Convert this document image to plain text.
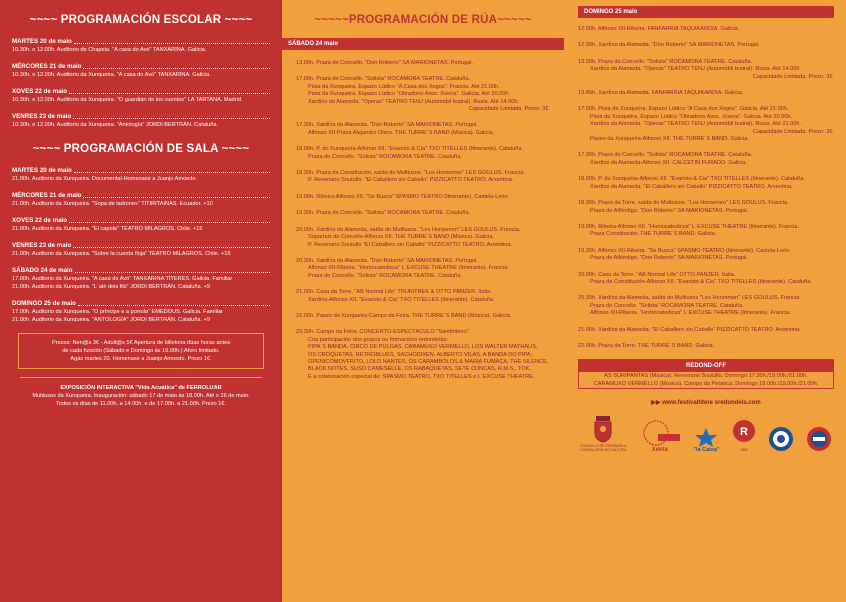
~~~~ PROGRAMACIÓN ESCOLAR ~~~~
MARTES 20 de maio
10.30h. e 12.00h. Auditorio de Chapela. "A casa do Avó" TANXARINA. Galicia.
MÉRCORES 21 de maio
10.30h. e 12.00h. Auditorio da Xunqueira. "A casa do Avó" TANXARINA. Galicia.
XOVES 22 de maio
10.30h. e 12.00h. Auditorio da Xunqueira. "O guardián de los cuentos" LA TARTANA. Madrid.
VENRES 23 de maio
10.30h. e 12.00h. Auditorio da Xunqueira. "Antología" JORDI BERTRÁN. Cataluña.
~~~~ PROGRAMACIÓN DE SALA ~~~~
MARTES 20 de maio
21.00h. Auditorio da Xunqueira. Documental-Homenaxe a Juanjo Amoedo.
MÉRCORES 21 de maio
21.00h. Auditorio da Xunqueira. "Sopa de ladrones" TITIRITAINAS. Ecuador. +10
XOVES 22 de maio
21.00h. Auditorio da Xunqueira. "El capote" TEATRO MILAGROS. Chile. +15
VENRES 23 de maio
21.00h. Auditorio da Xunqueira. "Sobre la cuerda floja" TEATRO MILAGROS. Chile. +15
SÁBADO 24 de maio
17.00h. Auditorio da Xunqueira. "A casa do Avó" TANXARINA TÍTERES. Galicia. Familiar
21.00h. Auditorio da Xunqueira. "L´alé dels fils" JORDI BERTRÁN. Cataluña. +9
DOMINGO 25 de maio
17.00h. Auditorio da Xunqueira. "O príncipe e a porrula" EMEDOUS. Galicia. Familiar
21.00h. Auditorio da Xunqueira. "ANTOLOGÍA" JORDI BERTRÁN. Cataluña. +9
Prezos: Nen@s 3€ - Adult@s 5€ Apertura de billeteira dúas horas antes
de cada función (Sábado e Domingo ás 16.00h.) Aforo limitado.
Agás martes 20. Homenaxe a Juanjo Amoedo. Prezo 1€.
EXPOSICIÓN INTERACTIVA "Vida Acuática" de FERROLUAR
Multiusos da Xunqueira. Inauguración: sábado 17 de maio ás 18.00h. Até o 26 de maio.
Todos os días de 11.00h. a 14.00h. e de 17.00h. a 21.00h. Prezo 1€.
~~~~~PROGRAMACIÓN DE RÚA~~~~~
SÁBADO 24 maio
13.00h. Praza do Concello. "Don Roberto" SA MARIONETAS. Portugal.
17.00h. Praza do Concello. "Solista" ROCAMORA TEATRE. Cataluña.
Pista da Xunqueira. Espazo Lúdico "A Casa dos Xogos". Francia. Até 21.00h.
Pista da Xunqueira. Espazo Lúdico "Obradoiro Asoc. Xoeira". Galicia. Até 20.00h.
Xardíns da Alameda. "Óperas" TEATRO TENJ (Automóbil teatral). Rusia. Até 14.00h.
Capacidade Limitada. Prezo: 3€.
17.30h. Xardíns da Alameda. "Don Roberto" SA MARIONETAS. Portugal.
Alfonso XII-Praza Alejandro Otero. THE TURRE´S BAND (Música). Galicia.
18.00h. P. do Xunqueira-Alfonso XII. "Evaristo & Cia" TXO TITELLES (Itinerante). Cataluña.
Praza do Concello. "Solista" ROCAMORA TEATRE. Cataluña.
18.30h. Praza da Constitución, saída do Multiusos. "Los Horsemen" LES GOULUS. Francia.
P. Reveriano Soutullo. "El Caballero sin Caballo" PIZZICATTO TEATRO. Arxentina.
19.00h. Ribeira-Alfonso XII. "Se Busca" SPASMO TEATRO (Itinerante). Castela-León.
19.30h. Praza do Concello. "Solista" ROCAMORA TEATRE. Cataluña.
20.00h. Xardíns da Alameda, saída do Multiusos. "Les Horsemen" LES GOULUS. Francia.
Soportais do Concello-Alfonso XII. THE TURRE´S BAND (Música). Galicia.
P. Reveriano Soutullo "El Caballero sin Caballo" PIZZICATTO TEATRO. Arxentina.
20.30h. Xardíns da Alameda. "Don Roberto" SA MARIONETAS. Portugal.
Alfonso XII-Ribeira. "Homocatedicus" L´EXCUSE THEATRE (Itinerante). Francia.
Praza do Concello. "Solista" ROCAMORA TEATRE. Cataluña.
21.00h. Casa da Torre. "AB Normal Life" TRUKITREK & OTTO PANZER. Italia.
Xardíns-Alfonso XII. "Evaristo & Cia" TXO TITELLES (Itinerante). Cataluña.
22.00h. Paseo da Xunqueira-Campo da Feira. THE TURRE´S BAND (Música). Galicia.
23.30h. Campo da Feira. CONCERTO-ESPECTÁCULO "Santitriteiro".
Coa participación dos grupos ou formacións redondelás:
PIPA´S BANDA, CIRCO DE PULGAS, CARAMUXO VERMELLO, LOS WALTER MATHAUS,
OS CROQUETAS, RETROBLUES, SACHODIXEN, ALBERTO VILAS, A BANDA DO PIPA,
OPENICOMOVFRITO, LOLO NANTES, OS CARAMBOLOS & MARÍA FUMAÇA, THE SILENCE,
BLACK NOTES, SUSO CAMESELLE, OS RABAQUETAS, SETE CUNCAS, R.M.S., TOK.
E a colaboración especial de: SPASMO TEATRO, TXO TITELLES e L´EXCUSE THEATRE.
DOMINGO 25 maio
12.00h. Alfonso XII-Ribeira. FANFARRIA TAQUIKARDIA. Galicia.
12.30h. Xardíns da Alameda. "Don Roberto" SA MARIONETAS. Portugal.
13.00h. Praza do Concello. "Solista" ROCAMORA TEATRE. Cataluña.
Xardíns da Alameda. "Óperas" TEATRO TENJ (Automóbil teatral). Rusia. Até 14.00h.
Capacidade Limitada. Prezo: 3€.
13.45h. Xardíns da Alameda. FANFARRIA TAQUIKARDIA. Galicia.
17.00h. Pista da Xunqueira. Espazo Lúdico "A Casa dos Xogos". Galicia. Até 21.00h.
Pista da Xunqueira. Espazo Lúdico "Obradoiro Asoc. Xoeira". Galicia. Até 20.00h.
Xardíns da Alameda. "Óperas" TEATRO TENJ (Automóbil teatral). Rusia. Até 21.00h.
Capacidade Limitada. Prezo: 3€.
Paseo da Xunqueira-Alfonso XII. THE TURRE´S BAND. Galicia.
17.30h. Praza do Concello. "Solista" ROCAMORA TEATRE. Cataluña.
Xardíns da Alameda-Alfonso XII. CALCETÍN FURADO. Galicia.
18.00h. P. do Xunqueira-Alfonso XII. "Evaristo & Cia" TXO TITELLES (Itinerante). Cataluña.
Xardíns da Alameda. "El Caballero sin Caballo" PIZZICATTO TEATRO. Arxentina.
18.30h. Praza da Torre, saída do Multiusos. "Los Horsemen" LES GOULUS. Francia.
Praza do Alfóndigo. "Don Roberto" SA MARIONETAS. Portugal.
19.00h. Ribeira-Alfonso XII. "Homocatedicus" L´EXCUSE THEATRE (Itinerante). Francia.
Praza Constitución. THE TURRE´S BAND. Galicia.
19.30h. Alfonso XII-Ribeira. "Se Busca" SPASMO TEATRO (Itinerante). Castela-León.
Praza do Alfóndigo. "Don Roberto" SA MARIONETAS. Portugal.
20.00h. Casa da Torre. "AB Normal Life" OTTO PANZER. Italia.
Praza da Constitución-Alfonso XII. "Evaristo & Cia" TXO TITELLES (Itinerante). Cataluña.
20.30h. Xardíns da Alameda, saída do Multiusos "Les Horsemen" LES GOULUS. Francia.
Praza do Concello. "Solista" ROCAMORA TEATRE. Cataluña.
Alfonso XII-Ribeira. "Homocatedicus" L´EXCUSE THEATRE (Itinerante). Francia.
21.00h. Xardíns da Alameda. "El Caballero sin Caballo" PIZZICATTO TEATRO. Arxentina.
22.00h. Praza da Torre. THE TURRE´S BAND. Galicia.
REDOND-OFF
AS SURIPANTAS (Música). Reveriano Soutullo. Domingo 17.30h./19.00h./21.00h.
CARAMUXO VERMELLO (Música). Campo da Petanca. Domingo 18.00h./19.00h./21.00h.
▶▶ www.festivaltitere sredondela.com
CONCELLO DE REDONDELA
CONCELLERÍA DE CULTURA	Xente	"la Caixa"
R
RED
